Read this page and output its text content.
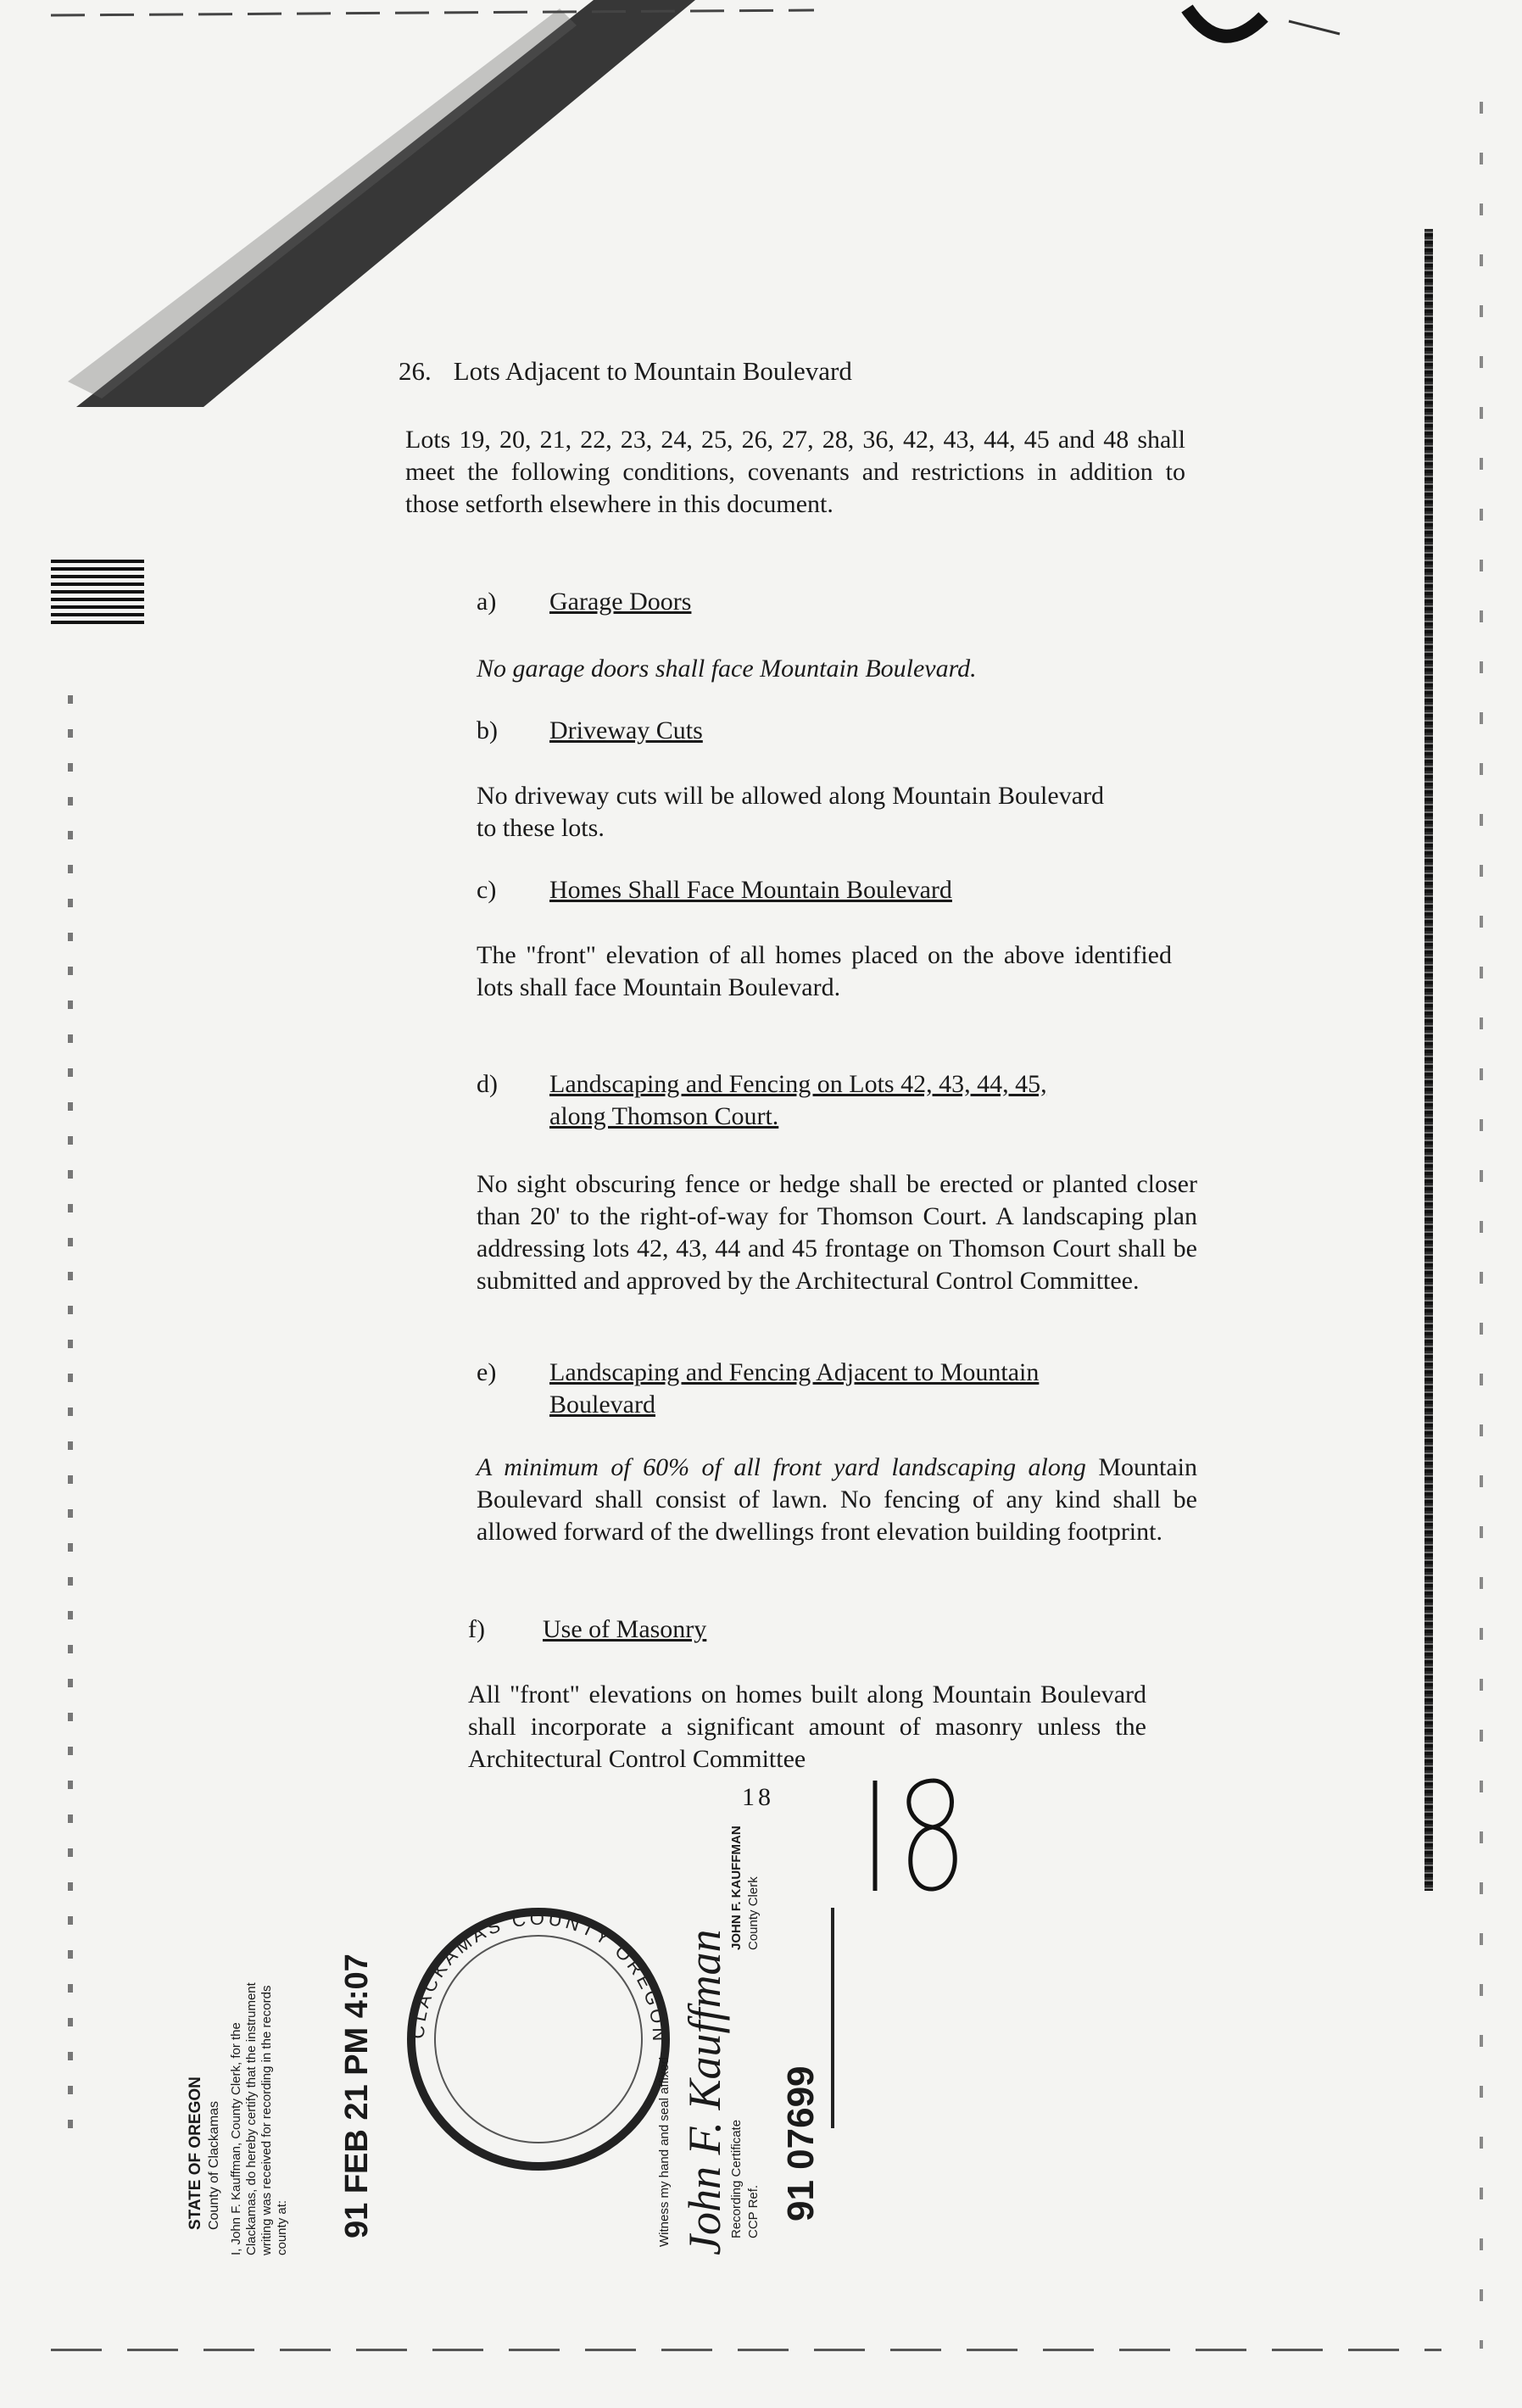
26. Lots Adjacent to Mountain Boulevard
Lots 19, 20, 21, 22, 23, 24, 25, 26, 27, 28, 36, 42, 43, 44, 45 and 48 shall meet the following conditions, covenants and restrictions in addition to those setforth elsewhere in this document.
a) Garage Doors
No garage doors shall face Mountain Boulevard.
b) Driveway Cuts
No driveway cuts will be allowed along Mountain Boulevard to these lots.
c) Homes Shall Face Mountain Boulevard
The "front" elevation of all homes placed on the above identified lots shall face Mountain Boulevard.
d) Landscaping and Fencing on Lots 42, 43, 44, 45,
along Thomson Court.
No sight obscuring fence or hedge shall be erected or planted closer than 20' to the right-of-way for Thomson Court. A landscaping plan addressing lots 42, 43, 44 and 45 frontage on Thomson Court shall be submitted and approved by the Architectural Control Committee.
e) Landscaping and Fencing Adjacent to Mountain
Boulevard
A minimum of 60% of all front yard landscaping along Mountain Boulevard shall consist of lawn. No fencing of any kind shall be allowed forward of the dwellings front elevation building footprint.
f) Use of Masonry
All "front" elevations on homes built along Mountain Boulevard shall incorporate a significant amount of masonry unless the Architectural Control Committee
18
STATE OF OREGON County of Clackamas I, John F. Kauffman, County Clerk, for the Clackamas, do hereby certify that the instrument writing was received for recording in the records county at: 91 FEB 21 PM 4:07 CLACKAMAS COUNTY OREGON
Witness my hand and seal affixed John F. Kauffman
JOHN F. KAUFFMAN County Clerk
Recording Certificate CCP Ref. 91 07699
